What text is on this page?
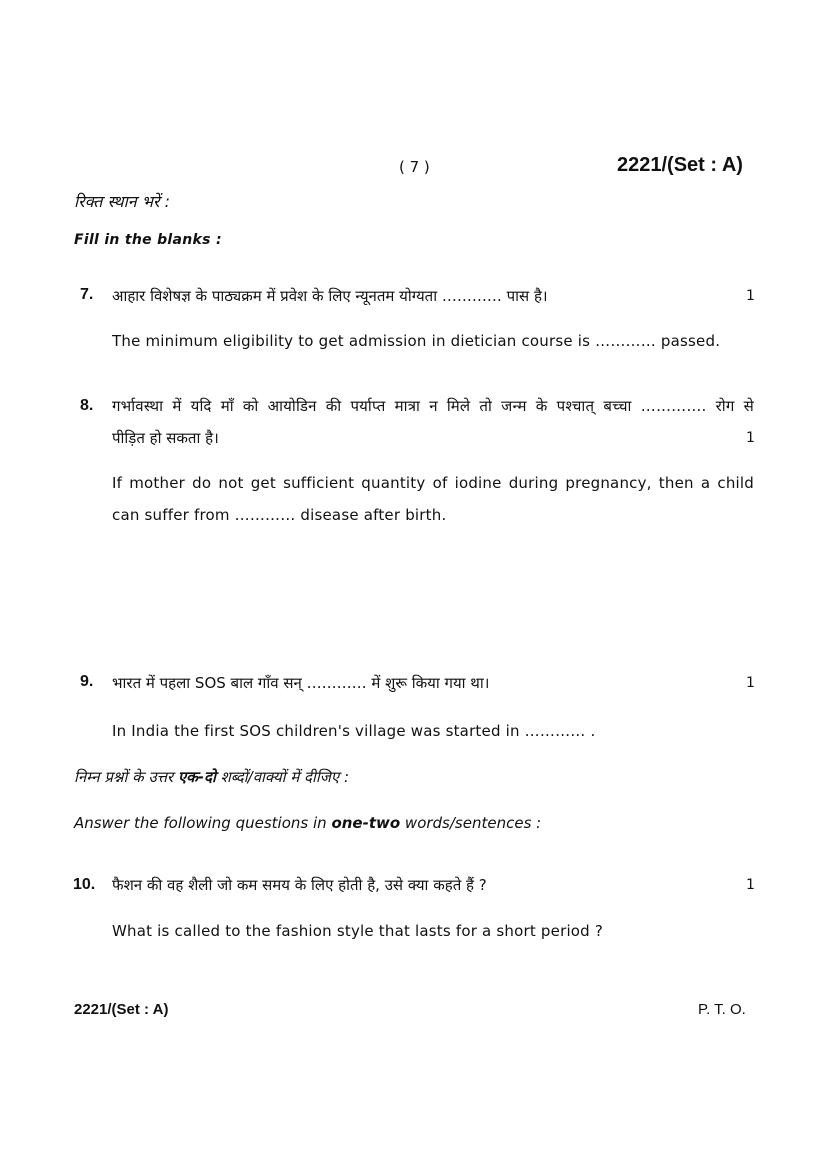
( 7 )	2221/(Set : A)
रिक्त स्थान भरें :
Fill in the blanks :
7. आहार विशेषज्ञ के पाठ्यक्रम में प्रवेश के लिए न्यूनतम योग्यता ………… पास है।	1
The minimum eligibility to get admission in dietician course is ………… passed.
8. गर्भावस्था में यदि माँ को आयोडिन की पर्याप्त मात्रा न मिले तो जन्म के पश्चात् बच्चा …………. रोग से
पीड़ित हो सकता है।	1
If mother do not get sufficient quantity of iodine during pregnancy, then a child
can suffer from ………… disease after birth.
9. भारत में पहला SOS बाल गाँव सन् ………… में शुरू किया गया था।	1
In India the first SOS children's village was started in ………… .
निम्न प्रश्नों के उत्तर एक-दो शब्दों/वाक्यों में दीजिए :
Answer the following questions in one-two words/sentences :
10. फैशन की वह शैली जो कम समय के लिए होती है, उसे क्या कहते हैं ?	1
What is called to the fashion style that lasts for a short period ?
2221/(Set : A)	P. T. O.
